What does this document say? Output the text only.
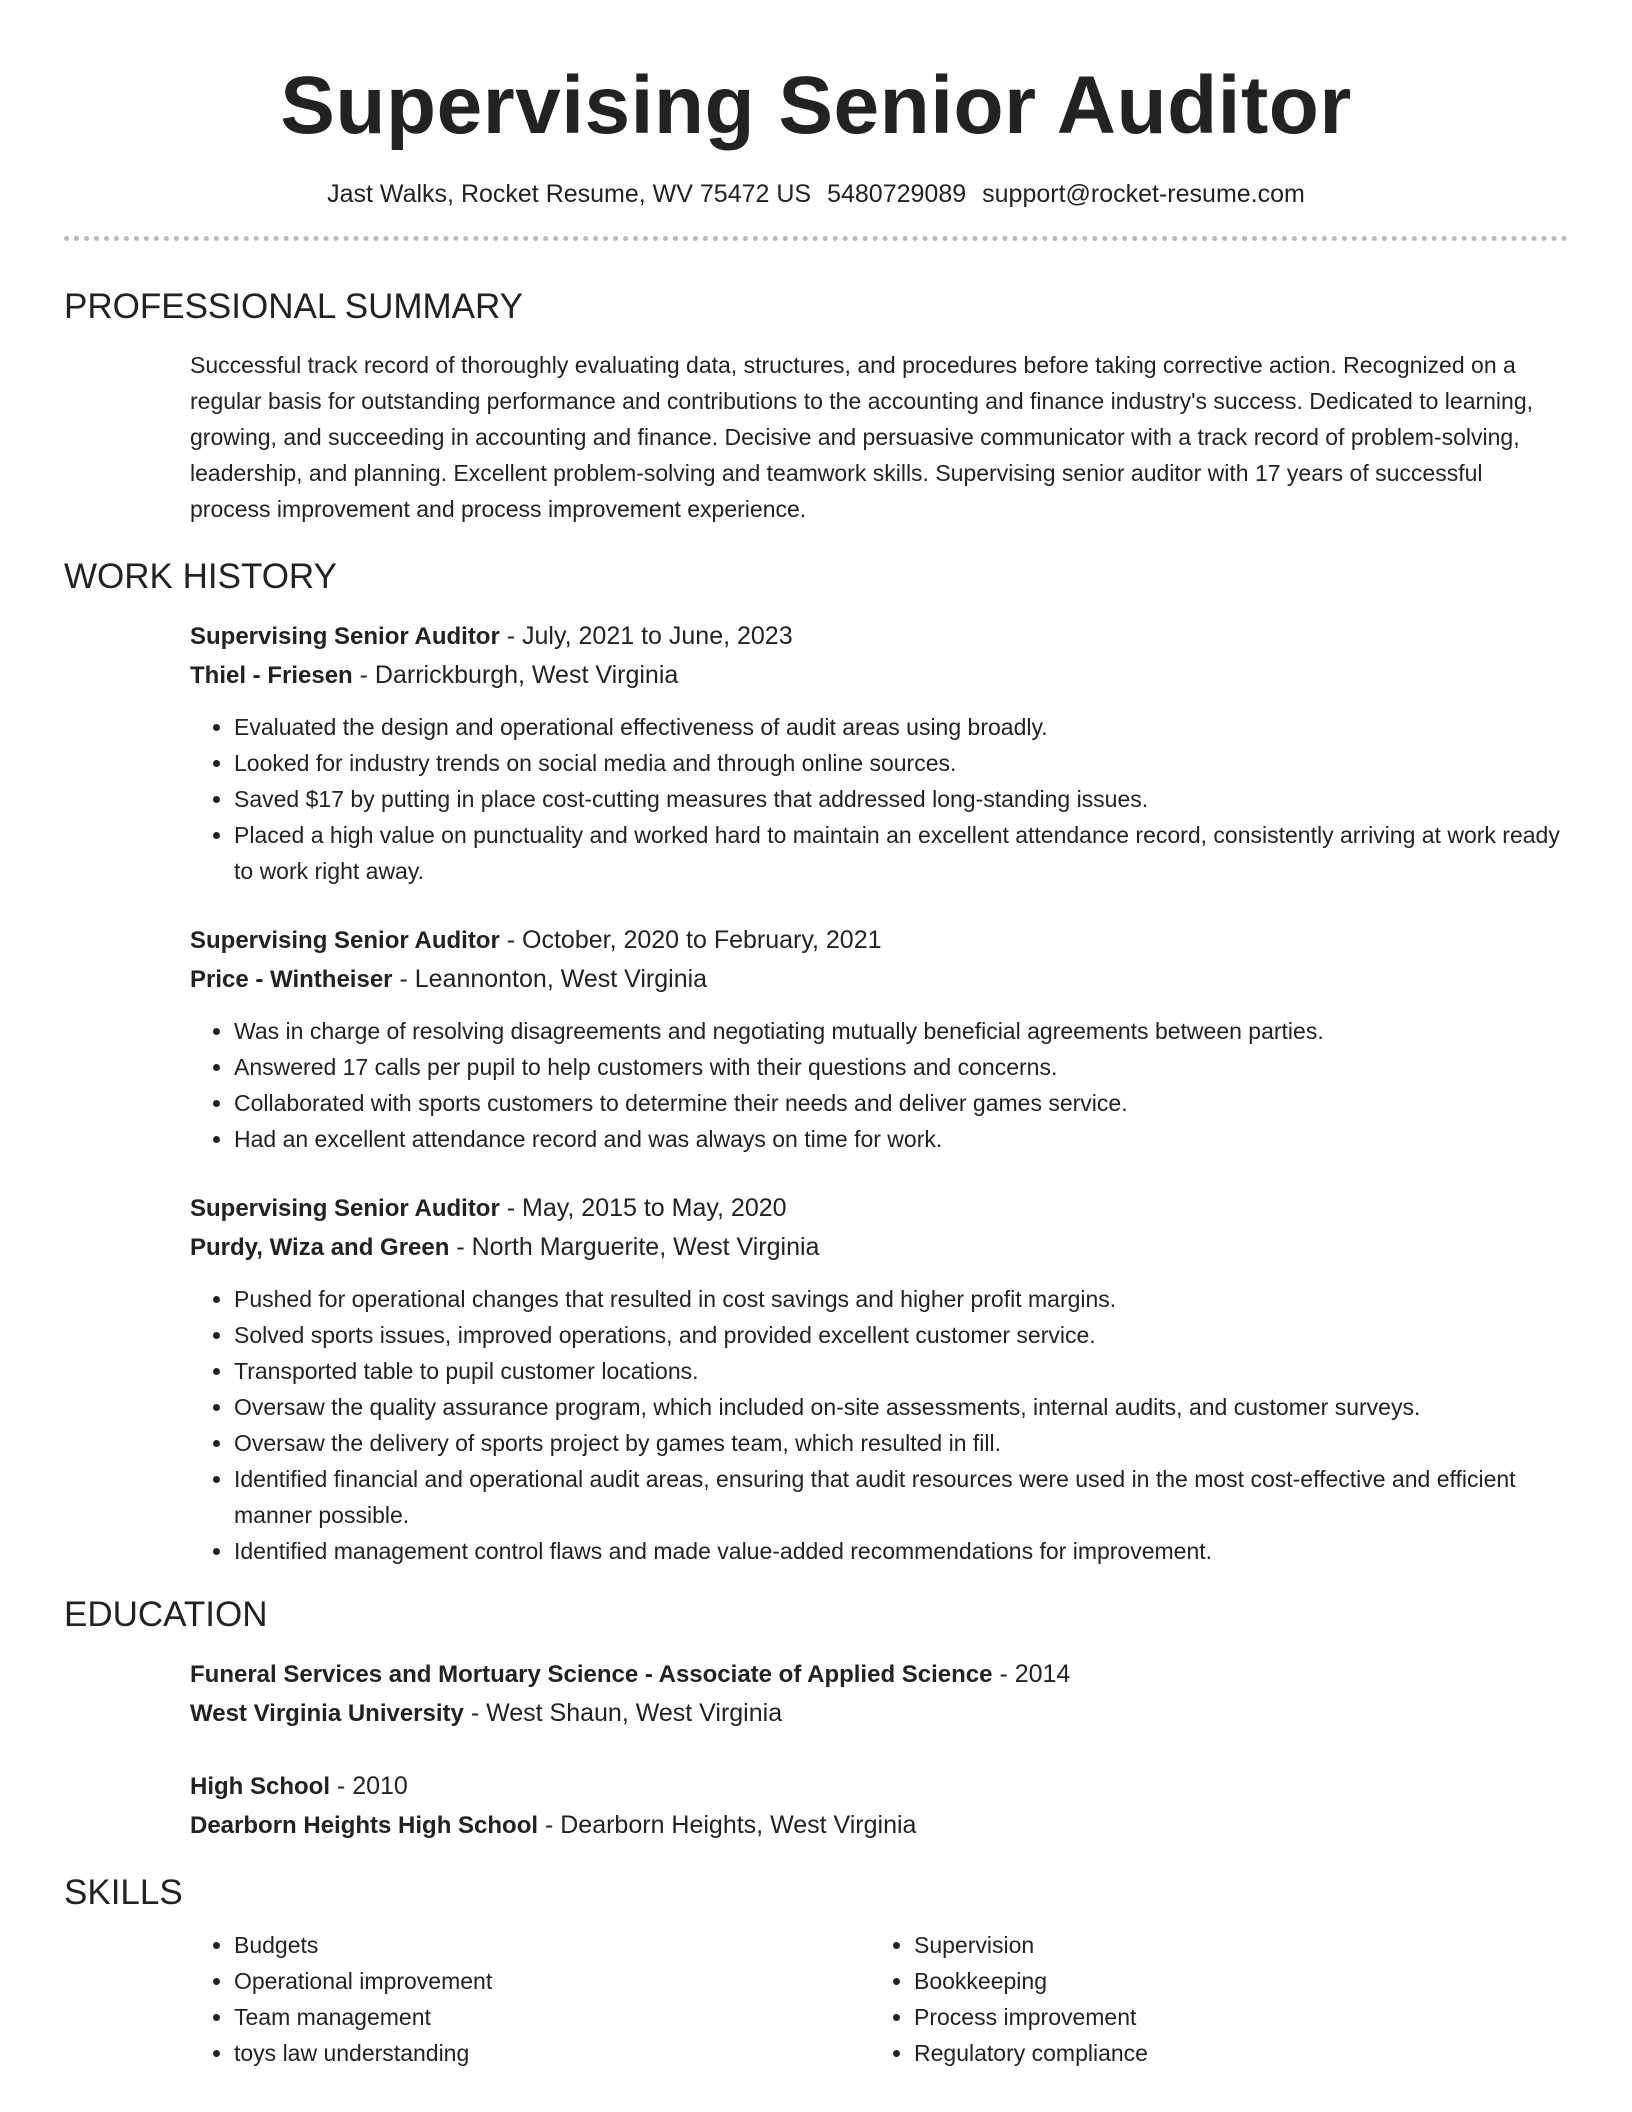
Supervising Senior Auditor
Jast Walks, Rocket Resume, WV 75472 US 5480729089 support@rocket-resume.com
PROFESSIONAL SUMMARY

Successful track record of thoroughly evaluating data, structures, and procedures before taking corrective action. Recognized on a regular basis for outstanding performance and contributions to the accounting and finance industry's success. Dedicated to learning, growing, and succeeding in accounting and finance. Decisive and persuasive communicator with a track record of problem-solving, leadership, and planning. Excellent problem-solving and teamwork skills. Supervising senior auditor with 17 years of successful process improvement and process improvement experience.

WORK HISTORY

Supervising Senior Auditor - July, 2021 to June, 2023

Thiel - Friesen - Darrickburgh, West Virginia

• Evaluated the design and operational effectiveness of audit areas using broadly.
• Looked for industry trends on social media and through online sources.
• Saved $17 by putting in place cost-cutting measures that addressed long-standing issues.
• Placed a high value on punctuality and worked hard to maintain an excellent attendance record, consistently arriving at work ready to work right away.

Supervising Senior Auditor - October, 2020 to February, 2021

Price - Wintheiser - Leannonton, West Virginia

• Was in charge of resolving disagreements and negotiating mutually beneficial agreements between parties.
• Answered 17 calls per pupil to help customers with their questions and concerns.
• Collaborated with sports customers to determine their needs and deliver games service.
• Had an excellent attendance record and was always on time for work.

Supervising Senior Auditor - May, 2015 to May, 2020

Purdy, Wiza and Green - North Marguerite, West Virginia

• Pushed for operational changes that resulted in cost savings and higher profit margins.
• Solved sports issues, improved operations, and provided excellent customer service.
• Transported table to pupil customer locations.
• Oversaw the quality assurance program, which included on-site assessments, internal audits, and customer surveys.
• Oversaw the delivery of sports project by games team, which resulted in fill.
• Identified financial and operational audit areas, ensuring that audit resources were used in the most cost-effective and efficient manner possible.
• Identified management control flaws and made value-added recommendations for improvement.
EDUCATION

Funeral Services and Mortuary Science - Associate of Applied Science - 2014

West Virginia University - West Shaun, West Virginia

High School - 2010

Dearborn Heights High School - Dearborn Heights, West Virginia

SKILLS
• Budgets
• Operational improvement
• Team management
• toys law understanding
• Supervision
• Bookkeeping
• Process improvement
• Regulatory compliance
